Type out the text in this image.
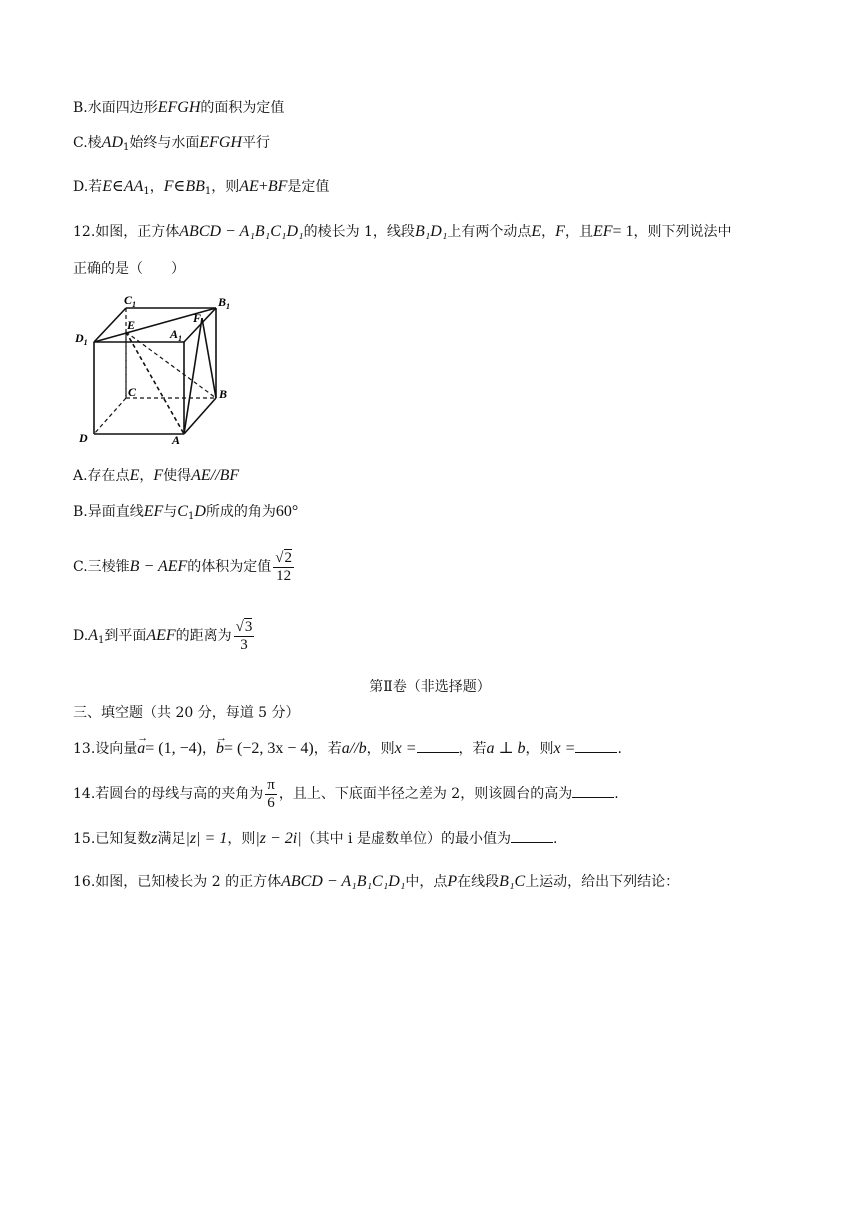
B.水面四边形EFGH的面积为定值
C.棱$AD_1$始终与水面EFGH平行
D.若$E\in AA_1$，$F\in BB_1$，则AE+BF是定值
12.如图，正方体ABCD − A₁B₁C₁D₁的棱长为 1，线段B₁D₁上有两个动点E，F，且EF= 1，则下列说法中
正确的是（　　）
$C_1$	$B_1$
$D_1$
$A_1$
E	F
C	B
D	A
A.存在点E，F使得AE//BF
B.异面直线EF与$C_1D$所成的角为60°
C.三棱锥B − AEF的体积为定值 $\frac{√2}{12}$
$D.A_1$到平面AEF的距离为 $\frac{√3}{3}$
第Ⅱ卷（非选择题）
三、填空题（共 20 分，每道 5 分）
13.设向量→ a= (1, −4)，→ b= (−2, 3x − 4)，若a//b，则x =	，若a ⊥ b，则x =	.
14.若圆台的母线与高的夹角为 $\frac{\pi}{6}$ ，且上、下底面半径之差为 2，则该圆台的高为	.
15.已知复数z满足|z| = 1，则|z − 2i|（其中 i 是虚数单位）的最小值为	.
16.如图，已知棱长为 2 的正方体ABCD − A₁B₁C₁D₁中，点P在线段B₁C上运动，给出下列结论：
